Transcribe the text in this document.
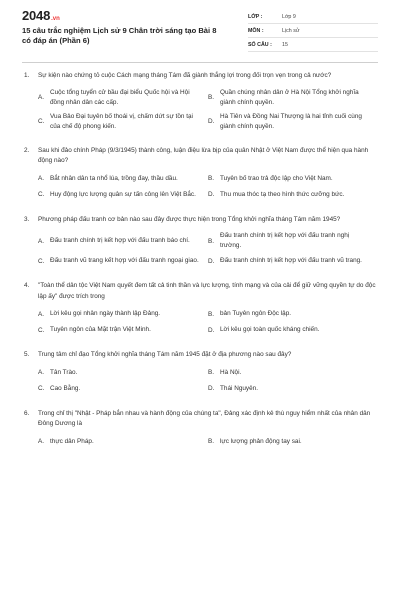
2048 .vn
15 câu trắc nghiệm Lịch sử 9 Chân trời sáng tạo Bài 8 có đáp án (Phần 6)
LỚP :	Lớp 9
MÔN :	Lịch sử
SỐ CÂU :	15
1.	Sự kiện nào chứng tỏ cuộc Cách mạng tháng Tám đã giành thắng lợi trong đối trọn vẹn trong cả nước?
A.
Cuộc tổng tuyển cử bầu đại biểu Quốc hội và Hội đồng nhân dân các cấp.
B.
Quần chúng nhân dân ở Hà Nội Tổng khởi nghĩa giành chính quyền.
C.
Vua Bảo Đại tuyên bố thoái vị, chấm dứt sự tồn tại của chế độ phong kiến.
D.
Hà Tiên và Đồng Nai Thượng là hai tỉnh cuối cùng giành chính quyền.
2.	Sau khi đảo chính Pháp (9/3/1945) thành công, luận điệu lừa bịp của quân Nhật ở Việt Nam được thể hiện qua hành động nào?
A. Bắt nhân dân ta nhổ lúa, trồng đay, thầu dầu.	B. Tuyên bố trao trả độc lập cho Việt Nam.
C. Huy động lực lượng quân sự tấn công lên Việt Bắc. D. Thu mua thóc tạ theo hình thức cưỡng bức.
3.	Phương pháp đấu tranh cơ bản nào sau đây được thực hiện trong Tổng khởi nghĩa tháng Tám năm 1945?
A. Đấu tranh chính trị kết hợp với đấu tranh báo chí.	B.
Đấu tranh chính trị kết hợp với đấu tranh nghị trường.
C. Đấu tranh vũ trang kết hợp với đấu tranh ngoại giao. D. Đấu tranh chính trị kết hợp với đấu tranh vũ trang.
4.	"Toàn thể dân tộc Việt Nam quyết đem tất cả tinh thần và lực lượng, tính mạng và của cải để giữ vững quyền tự do độc lập ấy" được trích trong
A. Lời kêu gọi nhân ngày thành lập Đảng.	B. bản Tuyên ngôn Độc lập.
C. Tuyên ngôn của Mặt trận Việt Minh.	D. Lời kêu gọi toàn quốc kháng chiến.
5.	Trung tâm chỉ đạo Tổng khởi nghĩa tháng Tám năm 1945 đặt ở địa phương nào sau đây?
A. Tân Trào.	B. Hà Nội.
C. Cao Bằng.	D. Thái Nguyên.
6.	Trong chỉ thị "Nhật - Pháp bắn nhau và hành động của chúng ta", Đảng xác định kẻ thù nguy hiểm nhất của nhân dân Đông Dương là
A. thực dân Pháp.	B. lực lượng phản động tay sai.
